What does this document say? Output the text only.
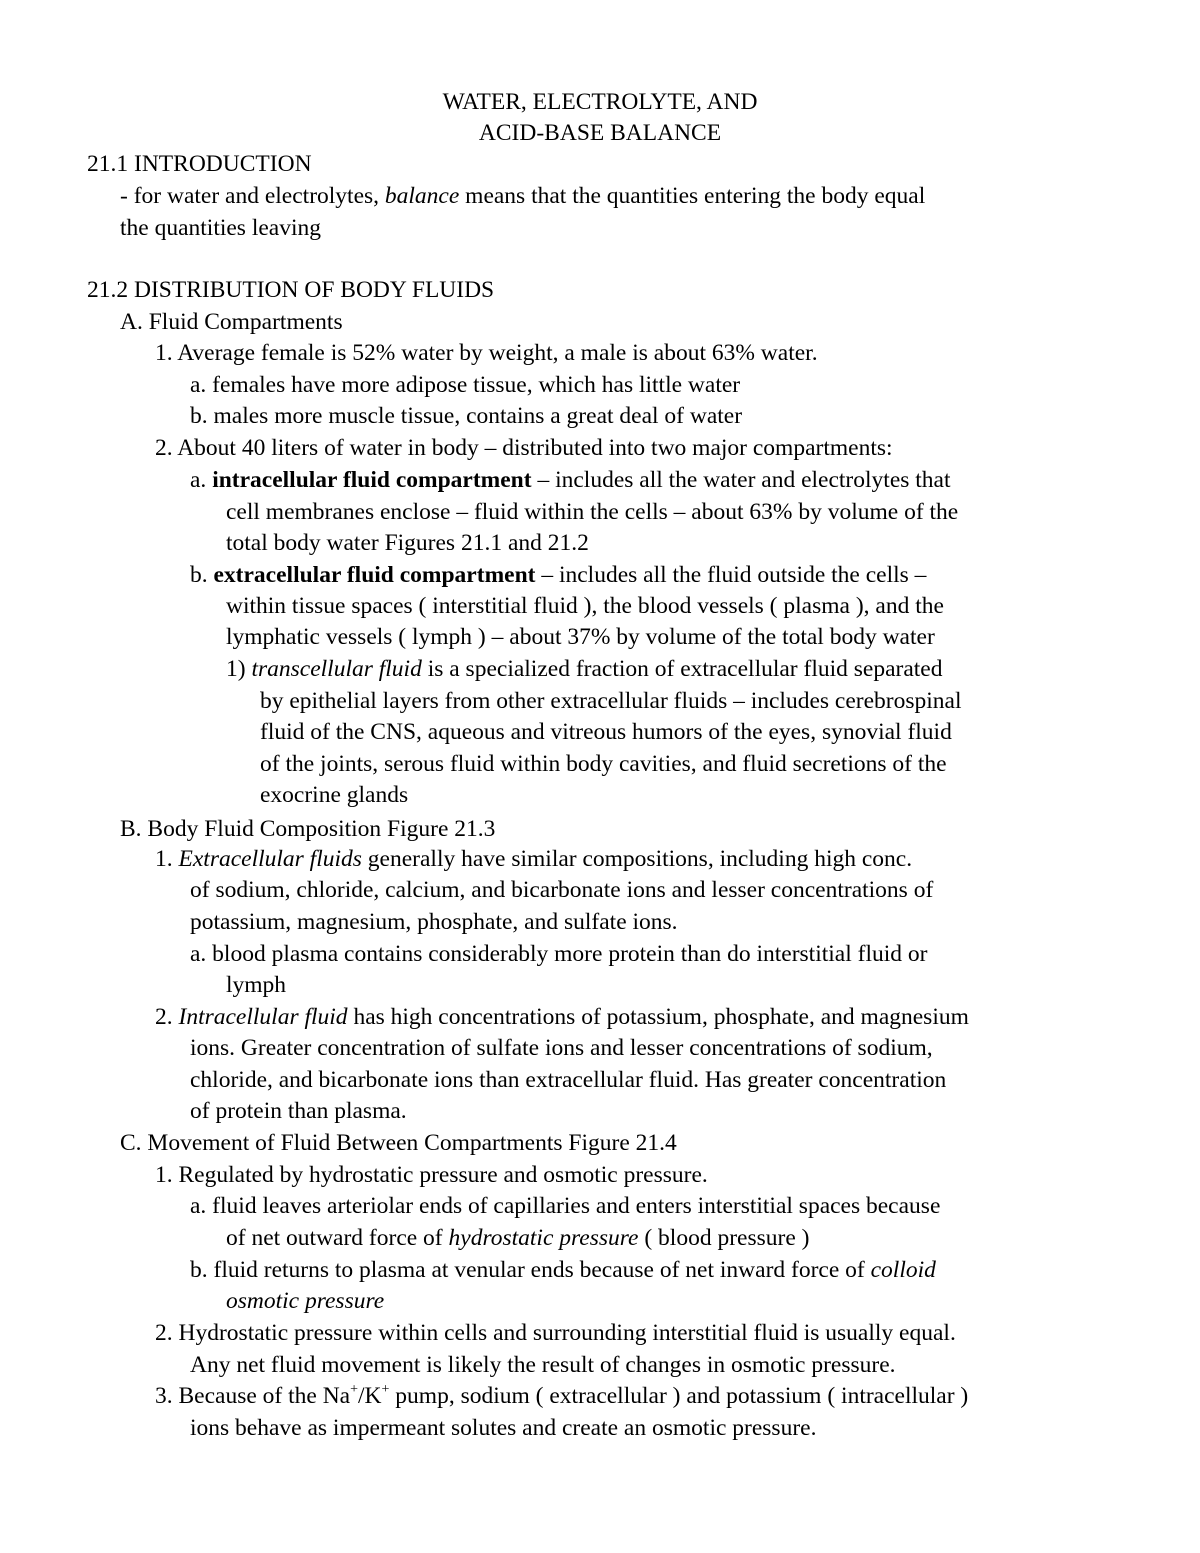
WATER, ELECTROLYTE, AND
ACID-BASE BALANCE
21.1 INTRODUCTION
- for water and electrolytes, balance means that the quantities entering the body equal
the quantities leaving
21.2 DISTRIBUTION OF BODY FLUIDS
A. Fluid Compartments
1. Average female is 52% water by weight, a male is about 63% water.
a. females have more adipose tissue, which has little water
b. males more muscle tissue, contains a great deal of water
2. About 40 liters of water in body – distributed into two major compartments:
a. intracellular fluid compartment – includes all the water and electrolytes that
cell membranes enclose – fluid within the cells – about 63% by volume of the
total body water Figures 21.1 and 21.2
b. extracellular fluid compartment – includes all the fluid outside the cells –
within tissue spaces ( interstitial fluid ), the blood vessels ( plasma ), and the
lymphatic vessels ( lymph ) – about 37% by volume of the total body water
1) transcellular fluid is a specialized fraction of extracellular fluid separated
by epithelial layers from other extracellular fluids – includes cerebrospinal
fluid of the CNS, aqueous and vitreous humors of the eyes, synovial fluid
of the joints, serous fluid within body cavities, and fluid secretions of the
exocrine glands
B. Body Fluid Composition Figure 21.3
1. Extracellular fluids generally have similar compositions, including high conc.
of sodium, chloride, calcium, and bicarbonate ions and lesser concentrations of
potassium, magnesium, phosphate, and sulfate ions.
a. blood plasma contains considerably more protein than do interstitial fluid or
lymph
2. Intracellular fluid has high concentrations of potassium, phosphate, and magnesium
ions. Greater concentration of sulfate ions and lesser concentrations of sodium,
chloride, and bicarbonate ions than extracellular fluid. Has greater concentration
of protein than plasma.
C. Movement of Fluid Between Compartments Figure 21.4
1. Regulated by hydrostatic pressure and osmotic pressure.
a. fluid leaves arteriolar ends of capillaries and enters interstitial spaces because
of net outward force of hydrostatic pressure ( blood pressure )
b. fluid returns to plasma at venular ends because of net inward force of colloid
osmotic pressure
2. Hydrostatic pressure within cells and surrounding interstitial fluid is usually equal.
Any net fluid movement is likely the result of changes in osmotic pressure.
3. Because of the Na+/K+ pump, sodium ( extracellular ) and potassium ( intracellular )
ions behave as impermeant solutes and create an osmotic pressure.
